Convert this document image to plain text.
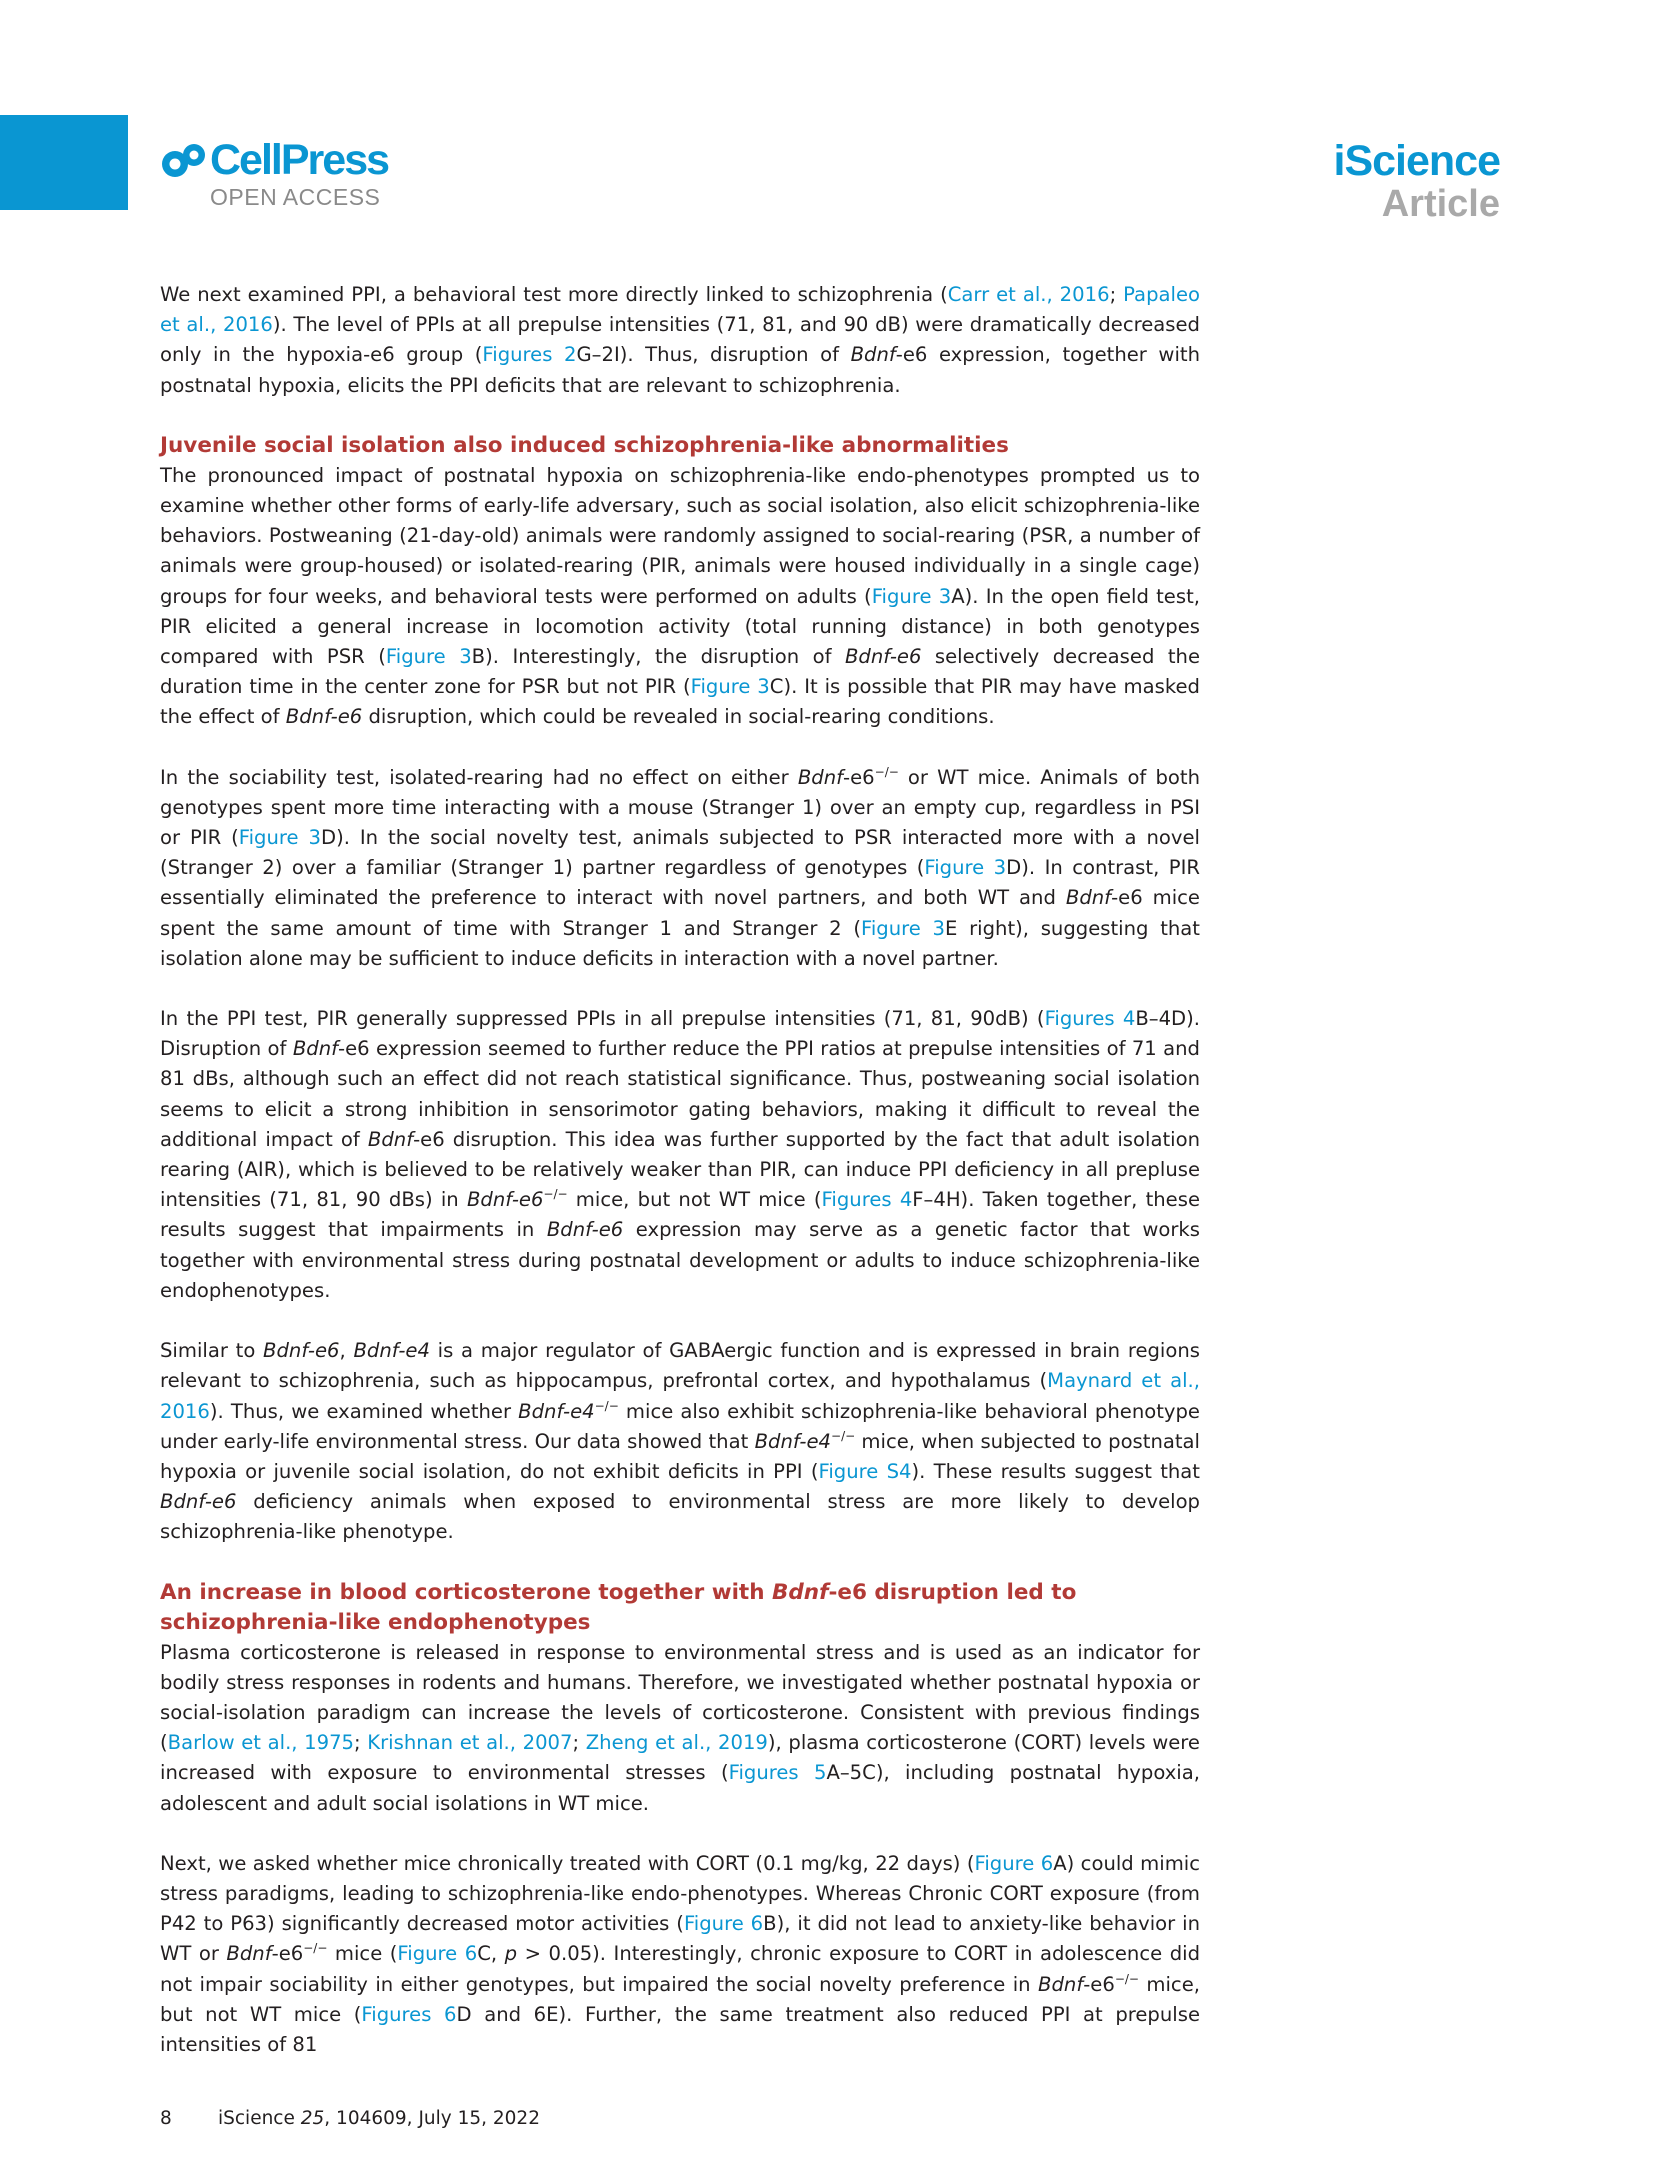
CellPress
OPEN ACCESS
iScience
Article

We next examined PPI, a behavioral test more directly linked to schizophrenia (Carr et al., 2016; Papaleo et al., 2016). The level of PPIs at all prepulse intensities (71, 81, and 90 dB) were dramatically decreased only in the hypoxia-e6 group (Figures 2G–2I). Thus, disruption of Bdnf-e6 expression, together with postnatal hypoxia, elicits the PPI deficits that are relevant to schizophrenia.

Juvenile social isolation also induced schizophrenia-like abnormalities

The pronounced impact of postnatal hypoxia on schizophrenia-like endo-phenotypes prompted us to examine whether other forms of early-life adversary, such as social isolation, also elicit schizophrenia-like behaviors. Postweaning (21-day-old) animals were randomly assigned to social-rearing (PSR, a number of animals were group-housed) or isolated-rearing (PIR, animals were housed individually in a single cage) groups for four weeks, and behavioral tests were performed on adults (Figure 3A). In the open field test, PIR elicited a general increase in locomotion activity (total running distance) in both genotypes compared with PSR (Figure 3B). Interestingly, the disruption of Bdnf-e6 selectively decreased the duration time in the center zone for PSR but not PIR (Figure 3C). It is possible that PIR may have masked the effect of Bdnf-e6 disruption, which could be revealed in social-rearing conditions.

In the sociability test, isolated-rearing had no effect on either Bdnf-e6−/− or WT mice. Animals of both genotypes spent more time interacting with a mouse (Stranger 1) over an empty cup, regardless in PSI or PIR (Figure 3D). In the social novelty test, animals subjected to PSR interacted more with a novel (Stranger 2) over a familiar (Stranger 1) partner regardless of genotypes (Figure 3D). In contrast, PIR essentially eliminated the preference to interact with novel partners, and both WT and Bdnf-e6 mice spent the same amount of time with Stranger 1 and Stranger 2 (Figure 3E right), suggesting that isolation alone may be sufficient to induce deficits in interaction with a novel partner.

In the PPI test, PIR generally suppressed PPIs in all prepulse intensities (71, 81, 90dB) (Figures 4B–4D). Disruption of Bdnf-e6 expression seemed to further reduce the PPI ratios at prepulse intensities of 71 and 81 dBs, although such an effect did not reach statistical significance. Thus, postweaning social isolation seems to elicit a strong inhibition in sensorimotor gating behaviors, making it difficult to reveal the additional impact of Bdnf-e6 disruption. This idea was further supported by the fact that adult isolation rearing (AIR), which is believed to be relatively weaker than PIR, can induce PPI deficiency in all prepluse intensities (71, 81, 90 dBs) in Bdnf-e6−/− mice, but not WT mice (Figures 4F–4H). Taken together, these results suggest that impairments in Bdnf-e6 expression may serve as a genetic factor that works together with environmental stress during postnatal development or adults to induce schizophrenia-like endophenotypes.

Similar to Bdnf-e6, Bdnf-e4 is a major regulator of GABAergic function and is expressed in brain regions relevant to schizophrenia, such as hippocampus, prefrontal cortex, and hypothalamus (Maynard et al., 2016). Thus, we examined whether Bdnf-e4−/− mice also exhibit schizophrenia-like behavioral phenotype under early-life environmental stress. Our data showed that Bdnf-e4−/− mice, when subjected to postnatal hypoxia or juvenile social isolation, do not exhibit deficits in PPI (Figure S4). These results suggest that Bdnf-e6 deficiency animals when exposed to environmental stress are more likely to develop schizophrenia-like phenotype.

An increase in blood corticosterone together with Bdnf-e6 disruption led to schizophrenia-like endophenotypes

Plasma corticosterone is released in response to environmental stress and is used as an indicator for bodily stress responses in rodents and humans. Therefore, we investigated whether postnatal hypoxia or social-isolation paradigm can increase the levels of corticosterone. Consistent with previous findings (Barlow et al., 1975; Krishnan et al., 2007; Zheng et al., 2019), plasma corticosterone (CORT) levels were increased with exposure to environmental stresses (Figures 5A–5C), including postnatal hypoxia, adolescent and adult social isolations in WT mice.

Next, we asked whether mice chronically treated with CORT (0.1 mg/kg, 22 days) (Figure 6A) could mimic stress paradigms, leading to schizophrenia-like endo-phenotypes. Whereas Chronic CORT exposure (from P42 to P63) significantly decreased motor activities (Figure 6B), it did not lead to anxiety-like behavior in WT or Bdnf-e6−/− mice (Figure 6C, p > 0.05). Interestingly, chronic exposure to CORT in adolescence did not impair sociability in either genotypes, but impaired the social novelty preference in Bdnf-e6−/− mice, but not WT mice (Figures 6D and 6E). Further, the same treatment also reduced PPI at prepulse intensities of 81

8 iScience 25, 104609, July 15, 2022
